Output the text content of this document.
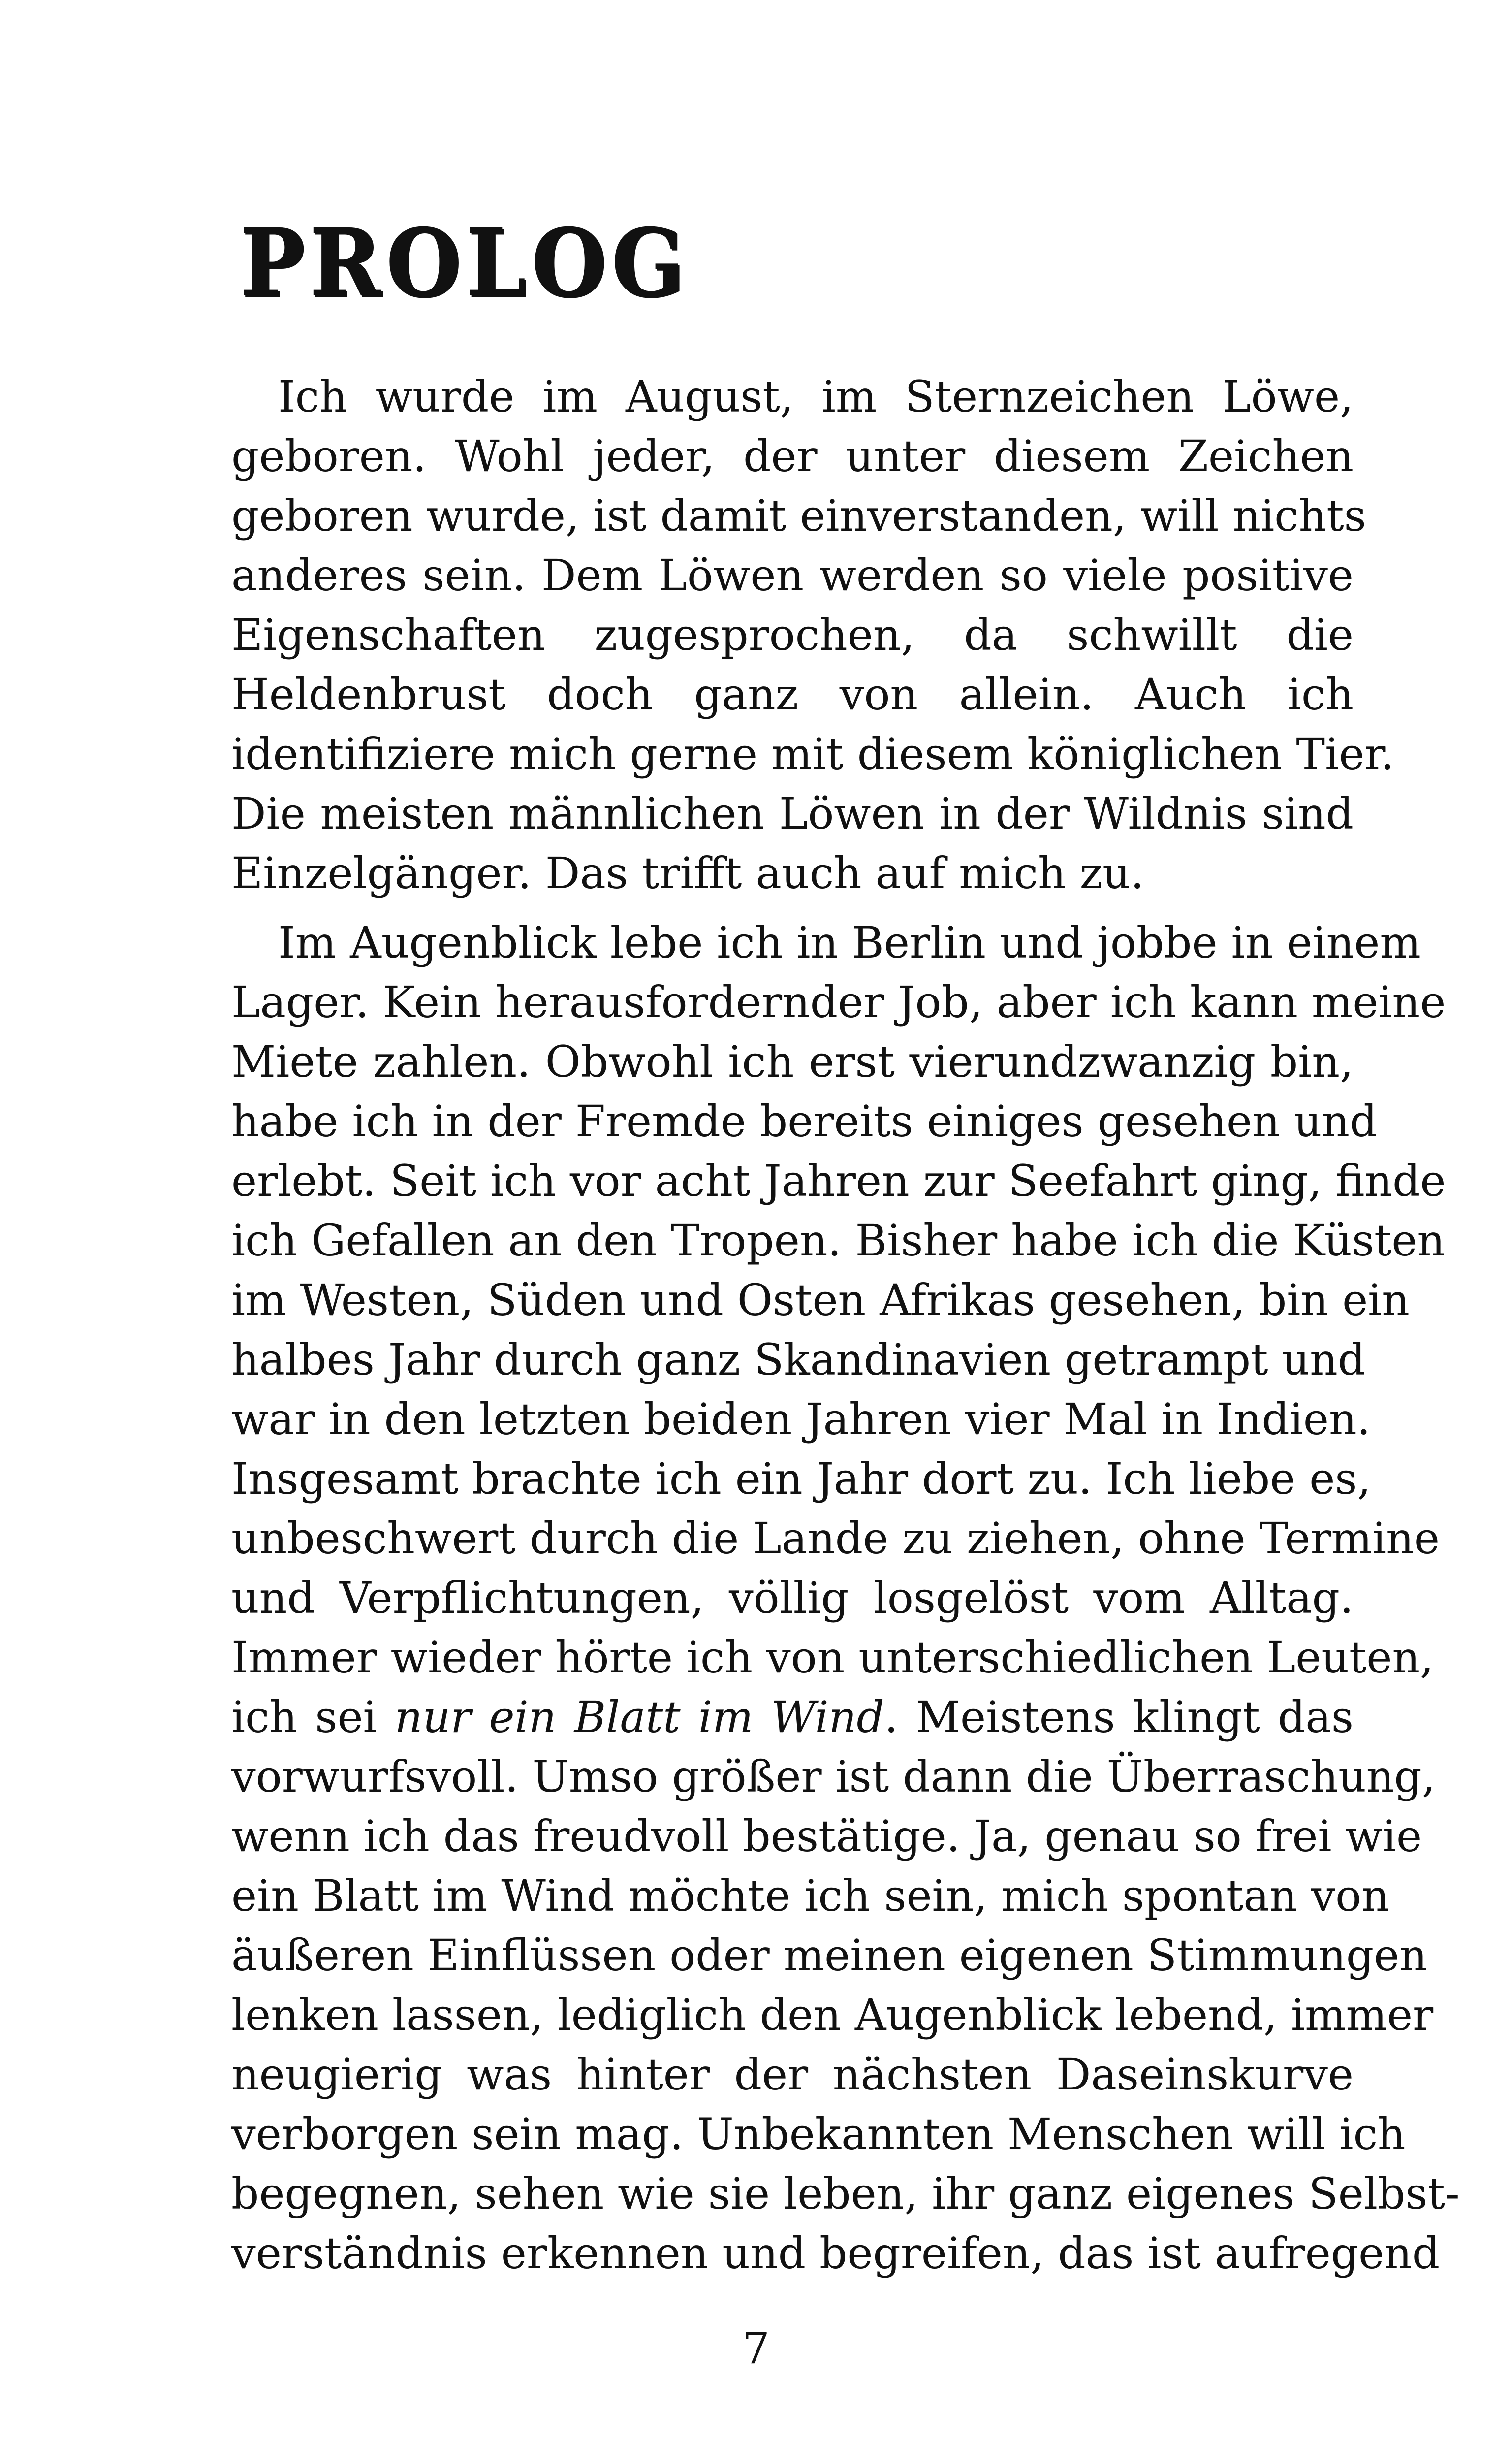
PROLOG

Ich wurde im August, im Sternzeichen Löwe,
geboren. Wohl jeder, der unter diesem Zeichen
geboren wurde, ist damit einverstanden, will nichts
anderes sein. Dem Löwen werden so viele positive
Eigenschaften zugesprochen, da schwillt die
Heldenbrust doch ganz von allein. Auch ich
identifiziere mich gerne mit diesem königlichen Tier.
Die meisten männlichen Löwen in der Wildnis sind
Einzelgänger. Das trifft auch auf mich zu.

Im Augenblick lebe ich in Berlin und jobbe in einem
Lager. Kein herausfordernder Job, aber ich kann meine
Miete zahlen. Obwohl ich erst vierundzwanzig bin,
habe ich in der Fremde bereits einiges gesehen und
erlebt. Seit ich vor acht Jahren zur Seefahrt ging, finde
ich Gefallen an den Tropen. Bisher habe ich die Küsten
im Westen, Süden und Osten Afrikas gesehen, bin ein
halbes Jahr durch ganz Skandinavien getrampt und
war in den letzten beiden Jahren vier Mal in Indien.
Insgesamt brachte ich ein Jahr dort zu. Ich liebe es,
unbeschwert durch die Lande zu ziehen, ohne Termine
und Verpflichtungen, völlig losgelöst vom Alltag.
Immer wieder hörte ich von unterschiedlichen Leuten,
ich sei nur ein Blatt im Wind. Meistens klingt das
vorwurfsvoll. Umso größer ist dann die Überraschung,
wenn ich das freudvoll bestätige. Ja, genau so frei wie
ein Blatt im Wind möchte ich sein, mich spontan von
äußeren Einflüssen oder meinen eigenen Stimmungen
lenken lassen, lediglich den Augenblick lebend, immer
neugierig was hinter der nächsten Daseinskurve
verborgen sein mag. Unbekannten Menschen will ich
begegnen, sehen wie sie leben, ihr ganz eigenes Selbst-
verständnis erkennen und begreifen, das ist aufregend

7
